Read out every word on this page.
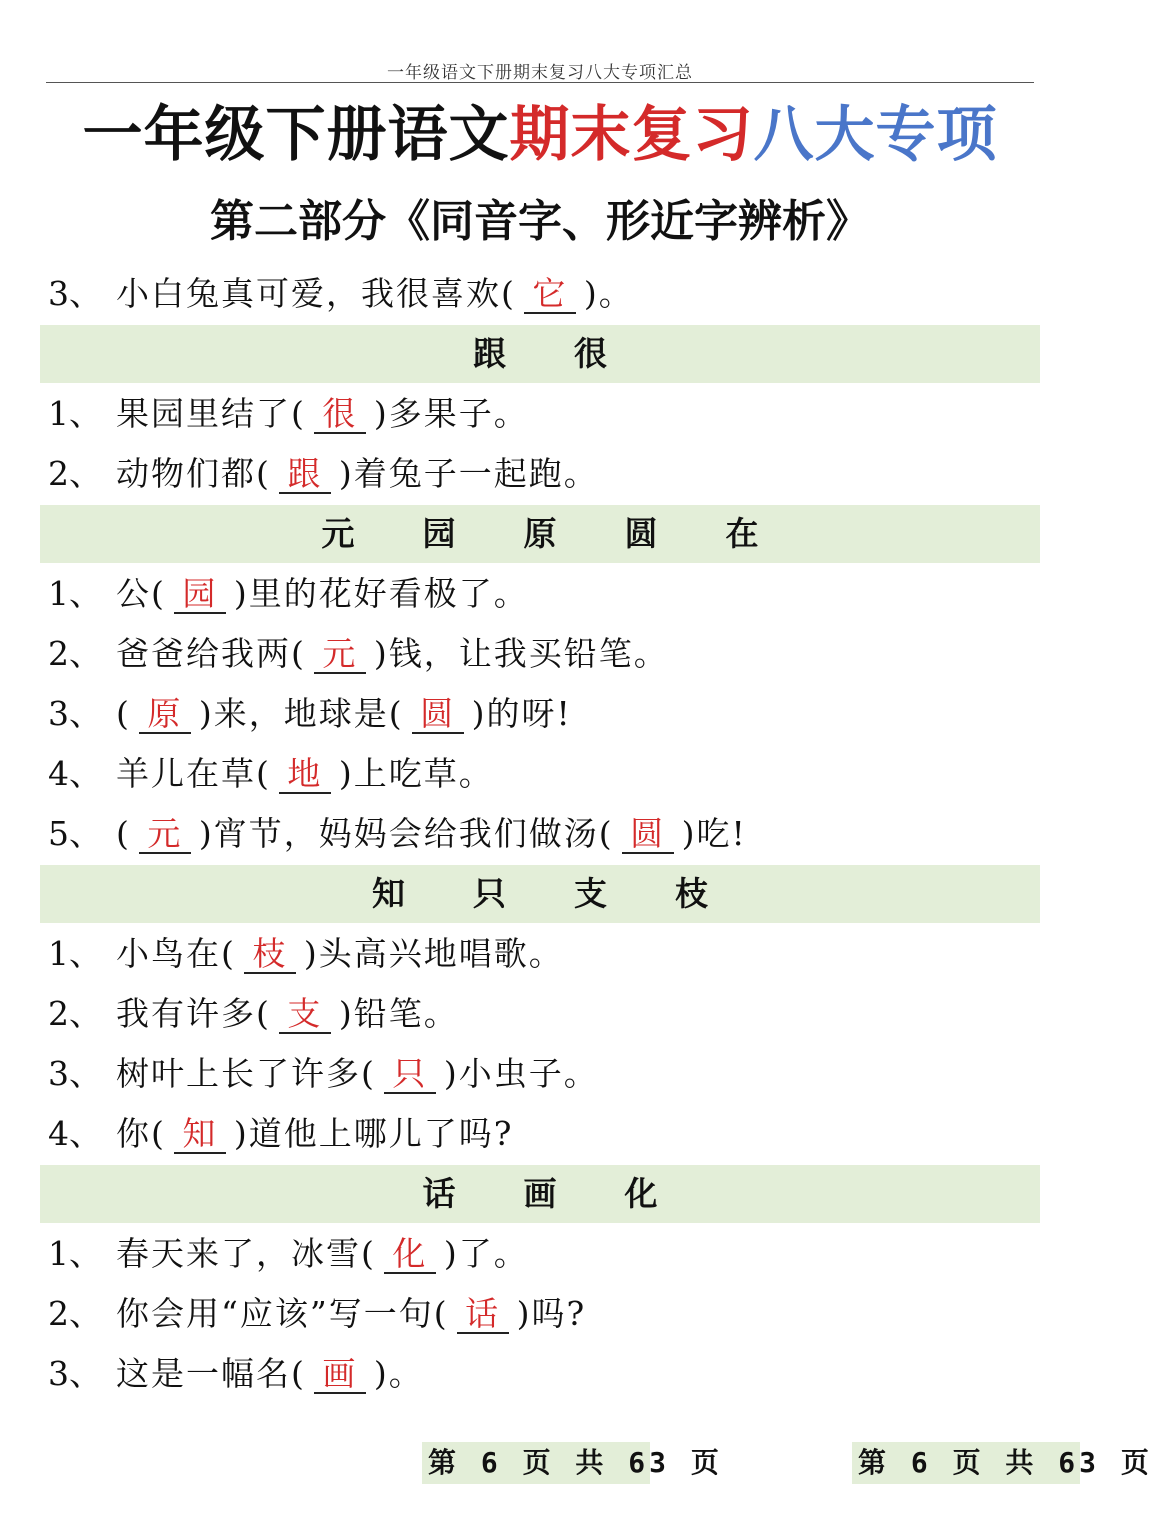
一年级语文下册期末复习八大专项汇总
一年级下册语文期末复习八大专项
第二部分《同音字、形近字辨析》
3、 小白兔真可爱，我很喜欢( 它 )。
跟 很
1、 果园里结了( 很 )多果子。
2、 动物们都( 跟 )着兔子一起跑。
元 园 原 圆 在
1、 公( 园 )里的花好看极了。
2、 爸爸给我两( 元 )钱，让我买铅笔。
3、 ( 原 )来，地球是( 圆 )的呀!
4、 羊儿在草( 地 )上吃草。
5、 ( 元 )宵节，妈妈会给我们做汤( 圆 )吃!
知 只 支 枝
1、 小鸟在( 枝 )头高兴地唱歌。
2、 我有许多( 支 )铅笔。
3、 树叶上长了许多( 只 )小虫子。
4、 你( 知 )道他上哪儿了吗?
话 画 化
1、 春天来了，冰雪( 化 )了。
2、 你会用“应该”写一句( 话 )吗?
3、 这是一幅名( 画 )。
第 6 页 共 63 页	第 6 页 共 63 页
